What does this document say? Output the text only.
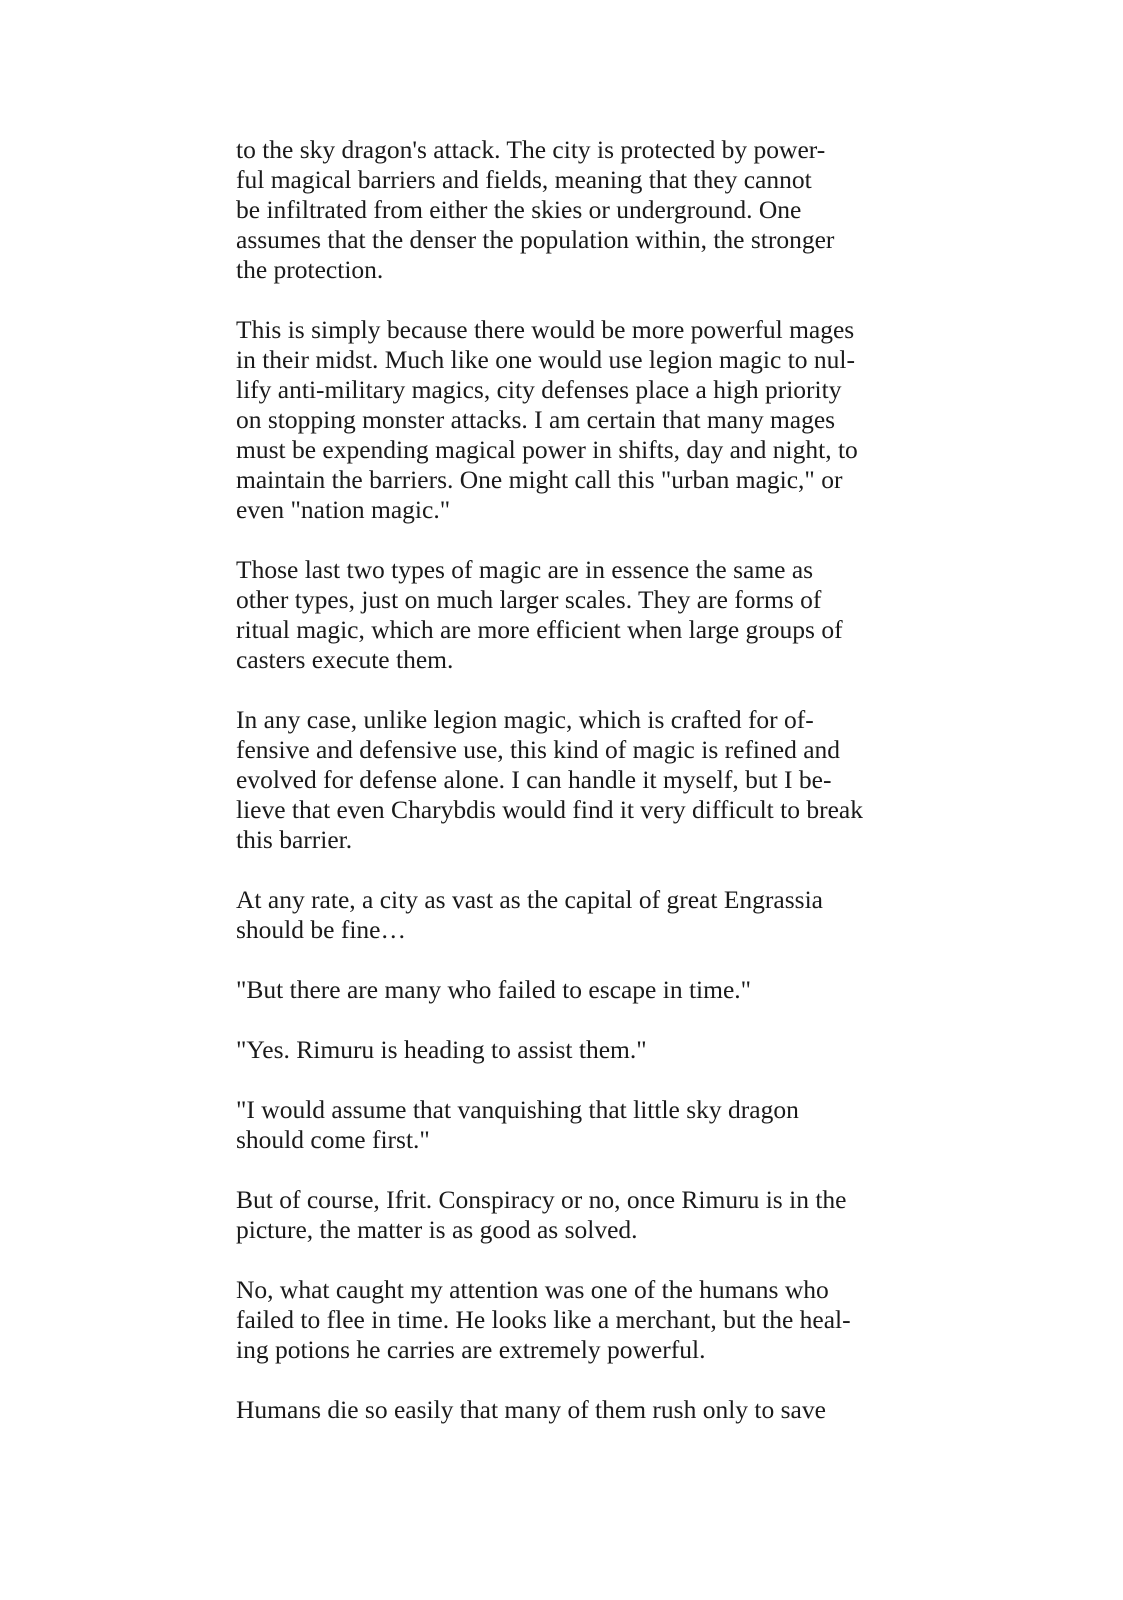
to the sky dragon's attack. The city is protected by power-
ful magical barriers and fields, meaning that they cannot
be infiltrated from either the skies or underground. One
assumes that the denser the population within, the stronger
the protection.
This is simply because there would be more powerful mages
in their midst. Much like one would use legion magic to nul-
lify anti-military magics, city defenses place a high priority
on stopping monster attacks. I am certain that many mages
must be expending magical power in shifts, day and night, to
maintain the barriers. One might call this "urban magic," or
even "nation magic."
Those last two types of magic are in essence the same as
other types, just on much larger scales. They are forms of
ritual magic, which are more efficient when large groups of
casters execute them.
In any case, unlike legion magic, which is crafted for of-
fensive and defensive use, this kind of magic is refined and
evolved for defense alone. I can handle it myself, but I be-
lieve that even Charybdis would find it very difficult to break
this barrier.
At any rate, a city as vast as the capital of great Engrassia
should be fine…
"But there are many who failed to escape in time."
"Yes. Rimuru is heading to assist them."
"I would assume that vanquishing that little sky dragon
should come first."
But of course, Ifrit. Conspiracy or no, once Rimuru is in the
picture, the matter is as good as solved.
No, what caught my attention was one of the humans who
failed to flee in time. He looks like a merchant, but the heal-
ing potions he carries are extremely powerful.
Humans die so easily that many of them rush only to save
